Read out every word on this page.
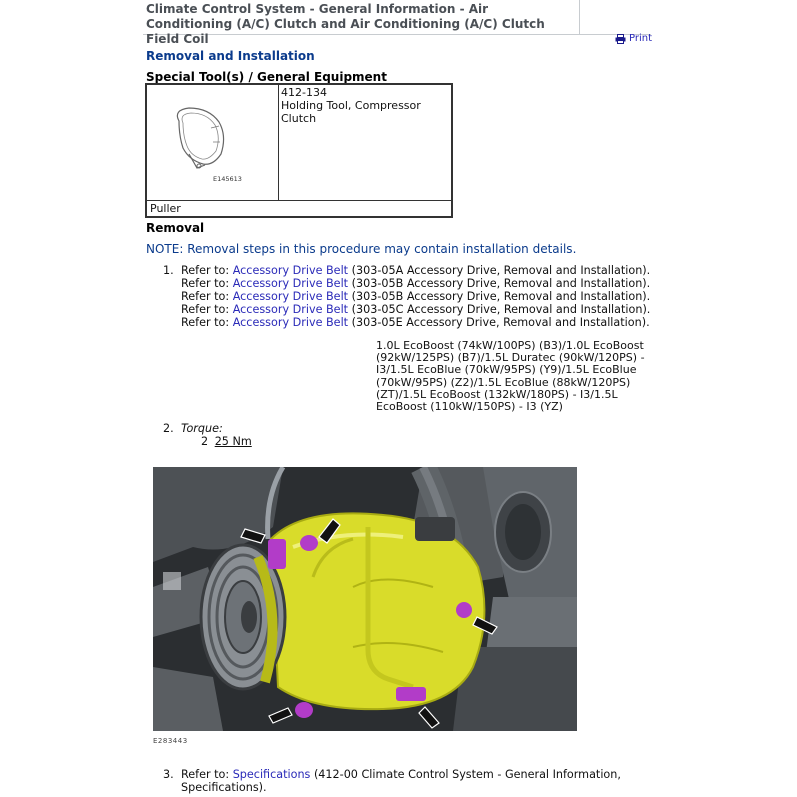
Climate Control System - General Information - Air Conditioning (A/C) Clutch and Air Conditioning (A/C) Clutch Field Coil	Print
Removal and Installation
Special Tool(s) / General Equipment
E145613

412-134
Holding Tool, Compressor Clutch

Puller
Removal
NOTE: Removal steps in this procedure may contain installation details.
1. Refer to: Accessory Drive Belt (303-05A Accessory Drive, Removal and Installation).
Refer to: Accessory Drive Belt (303-05B Accessory Drive, Removal and Installation).
Refer to: Accessory Drive Belt (303-05B Accessory Drive, Removal and Installation).
Refer to: Accessory Drive Belt (303-05C Accessory Drive, Removal and Installation).
Refer to: Accessory Drive Belt (303-05E Accessory Drive, Removal and Installation).
1.0L EcoBoost (74kW/100PS) (B3)/1.0L EcoBoost (92kW/125PS) (B7)/1.5L Duratec (90kW/120PS) - I3/1.5L EcoBlue (70kW/95PS) (Y9)/1.5L EcoBlue (70kW/95PS) (Z2)/1.5L EcoBlue (88kW/120PS) (ZT)/1.5L EcoBoost (132kW/180PS) - I3/1.5L EcoBoost (110kW/150PS) - I3 (YZ)
2. Torque:
2 25 Nm
E283443
3. Refer to: Specifications (412-00 Climate Control System - General Information, Specifications).
